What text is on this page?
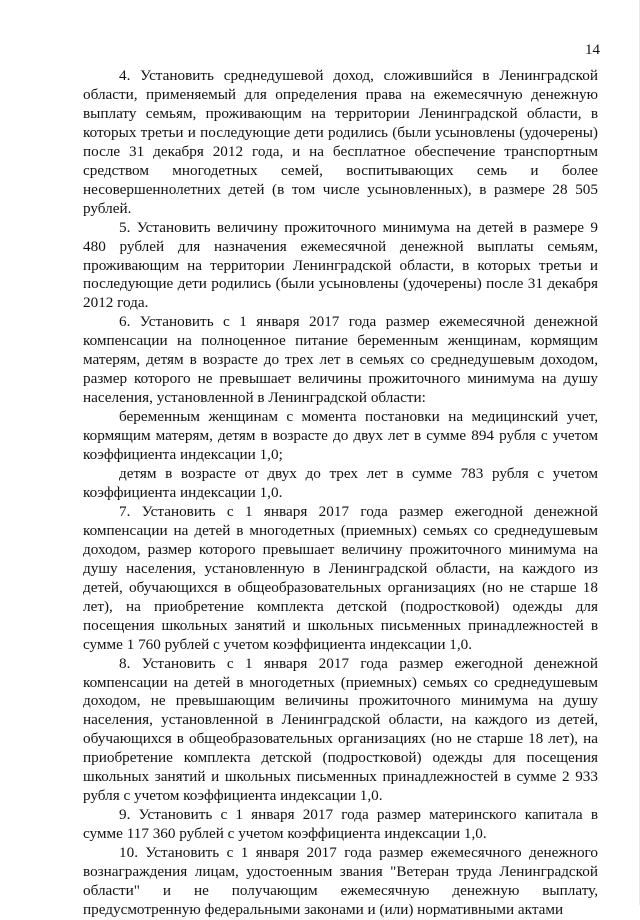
14

4. Установить среднедушевой доход, сложившийся в Ленинградской области, применяемый для определения права на ежемесячную денежную выплату семьям, проживающим на территории Ленинградской области, в которых третьи и последующие дети родились (были усыновлены (удочерены) после 31 декабря 2012 года, и на бесплатное обеспечение транспортным средством многодетных семей, воспитывающих семь и более несовершеннолетних детей (в том числе усыновленных), в размере 28 505 рублей.

5. Установить величину прожиточного минимума на детей в размере 9 480 рублей для назначения ежемесячной денежной выплаты семьям, проживающим на территории Ленинградской области, в которых третьи и последующие дети родились (были усыновлены (удочерены) после 31 декабря 2012 года.

6. Установить с 1 января 2017 года размер ежемесячной денежной компенсации на полноценное питание беременным женщинам, кормящим матерям, детям в возрасте до трех лет в семьях со среднедушевым доходом, размер которого не превышает величины прожиточного минимума на душу населения, установленной в Ленинградской области:

беременным женщинам с момента постановки на медицинский учет, кормящим матерям, детям в возрасте до двух лет в сумме 894 рубля с учетом коэффициента индексации 1,0;

детям в возрасте от двух до трех лет в сумме 783 рубля с учетом коэффициента индексации 1,0.

7. Установить с 1 января 2017 года размер ежегодной денежной компенсации на детей в многодетных (приемных) семьях со среднедушевым доходом, размер которого превышает величину прожиточного минимума на душу населения, установленную в Ленинградской области, на каждого из детей, обучающихся в общеобразовательных организациях (но не старше 18 лет), на приобретение комплекта детской (подростковой) одежды для посещения школьных занятий и школьных письменных принадлежностей в сумме 1 760 рублей с учетом коэффициента индексации 1,0.

8. Установить с 1 января 2017 года размер ежегодной денежной компенсации на детей в многодетных (приемных) семьях со среднедушевым доходом, не превышающим величины прожиточного минимума на душу населения, установленной в Ленинградской области, на каждого из детей, обучающихся в общеобразовательных организациях (но не старше 18 лет), на приобретение комплекта детской (подростковой) одежды для посещения школьных занятий и школьных письменных принадлежностей в сумме 2 933 рубля с учетом коэффициента индексации 1,0.

9. Установить с 1 января 2017 года размер материнского капитала в сумме 117 360 рублей с учетом коэффициента индексации 1,0.

10. Установить с 1 января 2017 года размер ежемесячного денежного вознаграждения лицам, удостоенным звания "Ветеран труда Ленинградской области" и не получающим ежемесячную денежную выплату, предусмотренную федеральными законами и (или) нормативными актами
